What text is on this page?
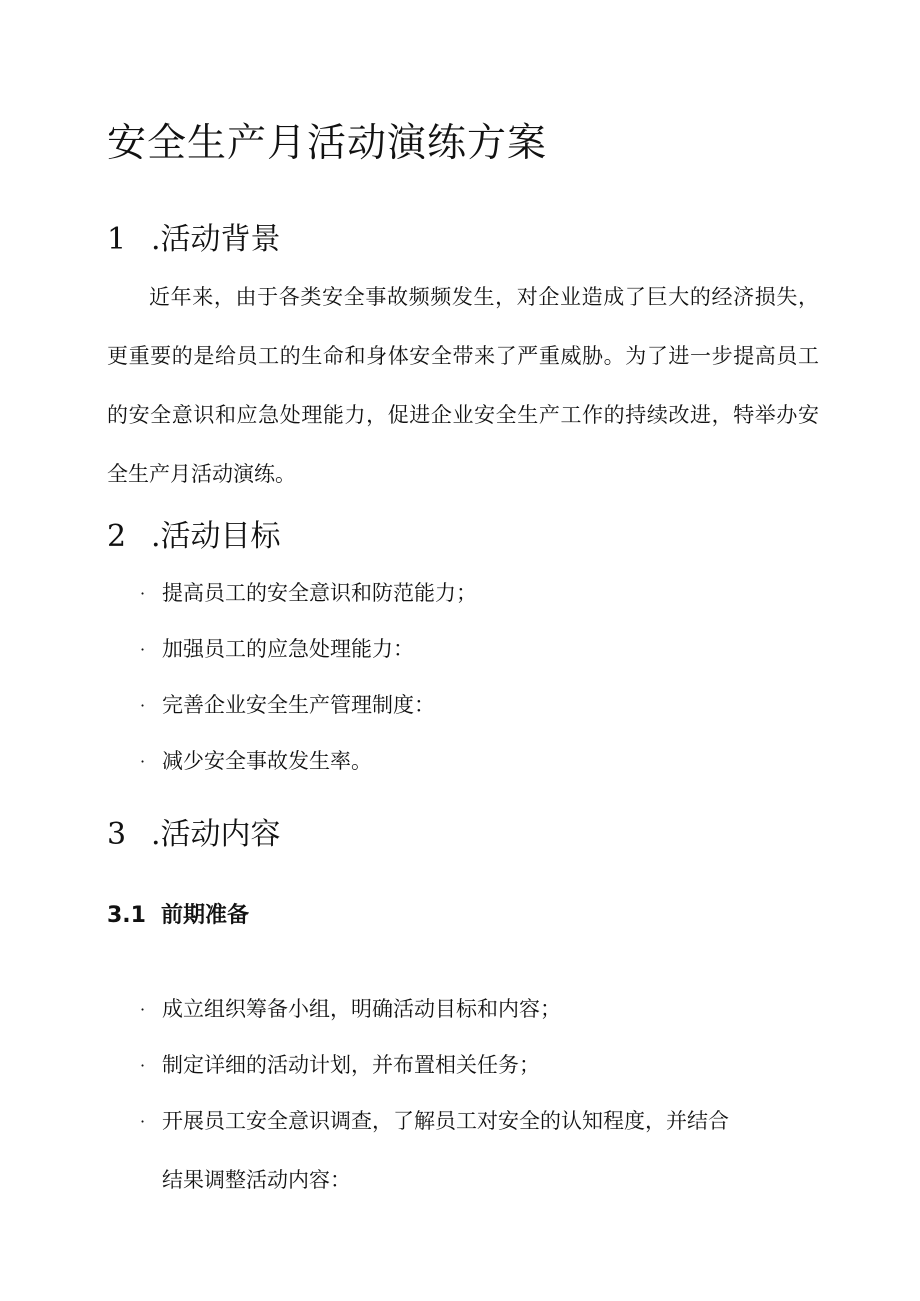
安全生产月活动演练方案
1 .活动背景

近年来，由于各类安全事故频频发生，对企业造成了巨大的经济损失，更重要的是给员工的生命和身体安全带来了严重威胁。为了进一步提高员工的安全意识和应急处理能力，促进企业安全生产工作的持续改进，特举办安全生产月活动演练。

2 .活动目标
· 提高员工的安全意识和防范能力；
· 加强员工的应急处理能力：
· 完善企业安全生产管理制度：
· 减少安全事故发生率。
3 .活动内容
3.1 前期准备
· 成立组织筹备小组，明确活动目标和内容；
· 制定详细的活动计划，并布置相关任务；
· 开展员工安全意识调查，了解员工对安全的认知程度，并结合结果调整活动内容：
